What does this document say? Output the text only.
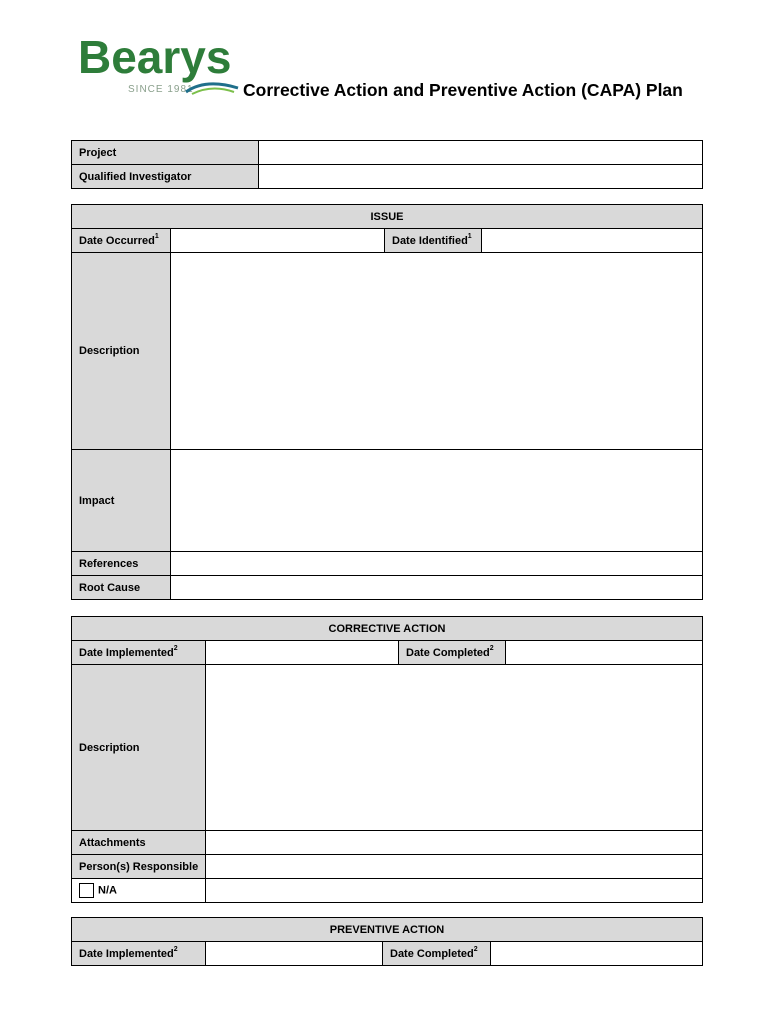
Bearys
SINCE 1981	Corrective Action and Preventive Action (CAPA) Plan
Project	
Qualified Investigator	
ISSUE			
Date Occurred$^1$		Date Identified$^1$	
Description			
Impact			
References			
Root Cause			
CORRECTIVE ACTION			
Date Implemented$^2$		Date Completed$^2$	
Description			
Attachments			
Person(s) Responsible			
N/A			
PREVENTIVE ACTION
Date Implemented$^2$		Date Completed$^2$	
